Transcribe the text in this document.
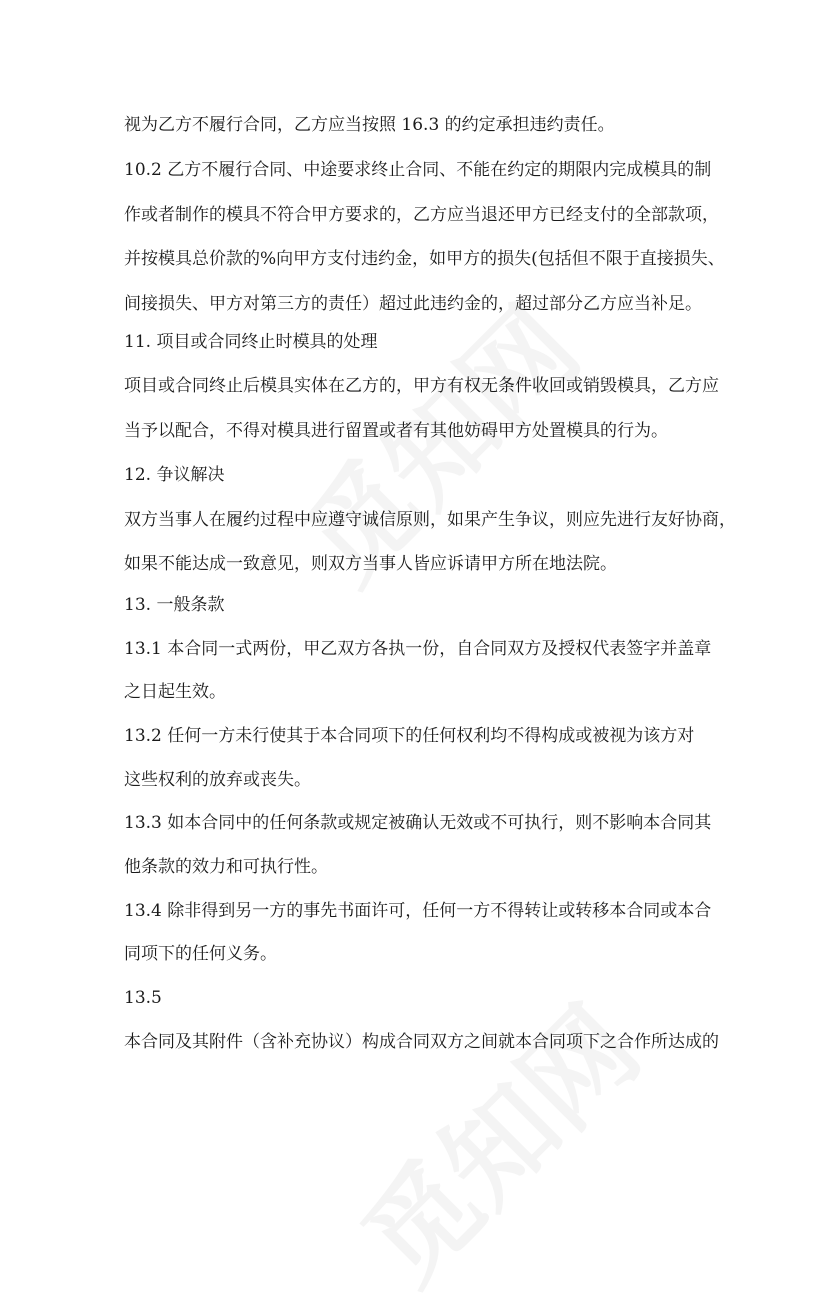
视为乙方不履行合同，乙方应当按照 16.3 的约定承担违约责任。
10.2 乙方不履行合同、中途要求终止合同、不能在约定的期限内完成模具的制
作或者制作的模具不符合甲方要求的，乙方应当退还甲方已经支付的全部款项，
并按模具总价款的%向甲方支付违约金，如甲方的损失(包括但不限于直接损失、
间接损失、甲方对第三方的责任）超过此违约金的，超过部分乙方应当补足。
11. 项目或合同终止时模具的处理
项目或合同终止后模具实体在乙方的，甲方有权无条件收回或销毁模具，乙方应
当予以配合，不得对模具进行留置或者有其他妨碍甲方处置模具的行为。
12. 争议解决
双方当事人在履约过程中应遵守诚信原则，如果产生争议，则应先进行友好协商，
如果不能达成一致意见，则双方当事人皆应诉请甲方所在地法院。
13. 一般条款
13.1 本合同一式两份，甲乙双方各执一份，自合同双方及授权代表签字并盖章
之日起生效。
13.2 任何一方未行使其于本合同项下的任何权利均不得构成或被视为该方对
这些权利的放弃或丧失。
13.3 如本合同中的任何条款或规定被确认无效或不可执行，则不影响本合同其
他条款的效力和可执行性。
13.4 除非得到另一方的事先书面许可，任何一方不得转让或转移本合同或本合
同项下的任何义务。
13.5
本合同及其附件（含补充协议）构成合同双方之间就本合同项下之合作所达成的
